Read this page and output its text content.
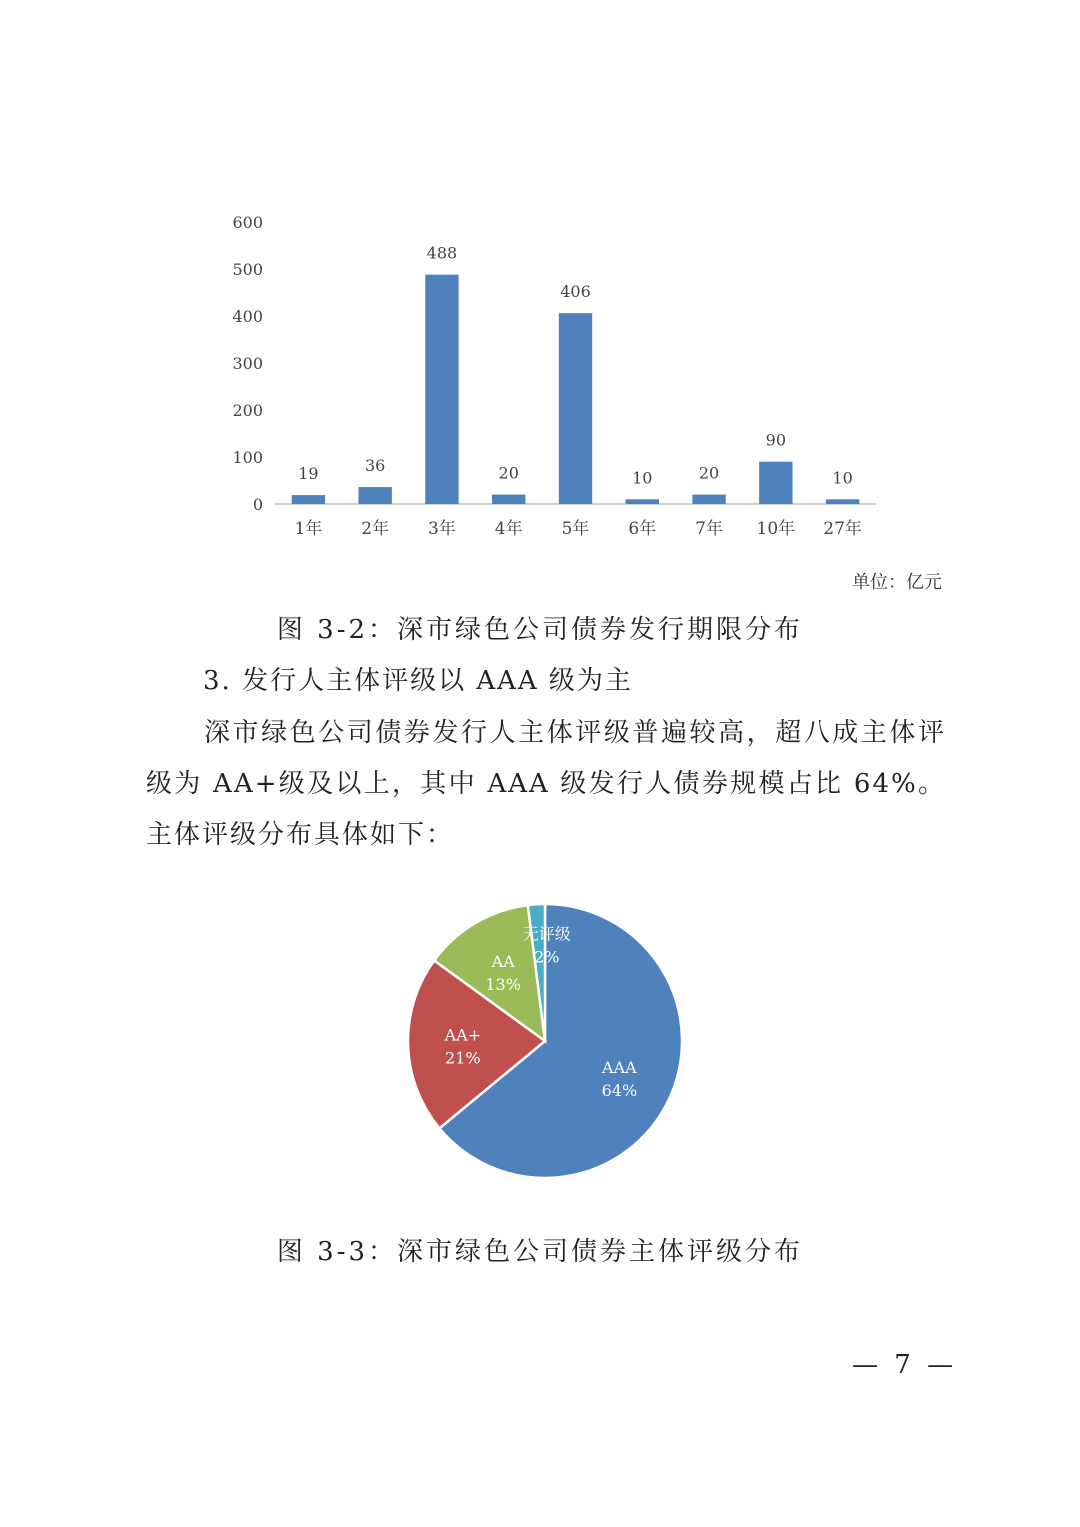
0
100
200
300
400
500
600
19
1年
36
2年
488
3年
20
4年
406
5年
10
6年
20
7年
90
10年
10
27年
AAA
64%
AA+
21%
AA
13%
无评级
2%
单位：亿元
图 3-2：深市绿色公司债券发行期限分布
3. 发行人主体评级以 AAA 级为主

深市绿色公司债券发行人主体评级普遍较高，超八成主体评级为 AA+级及以上，其中 AAA 级发行人债券规模占比 64%。主体评级分布具体如下：

图 3-3：深市绿色公司债券主体评级分布
— 7 —
